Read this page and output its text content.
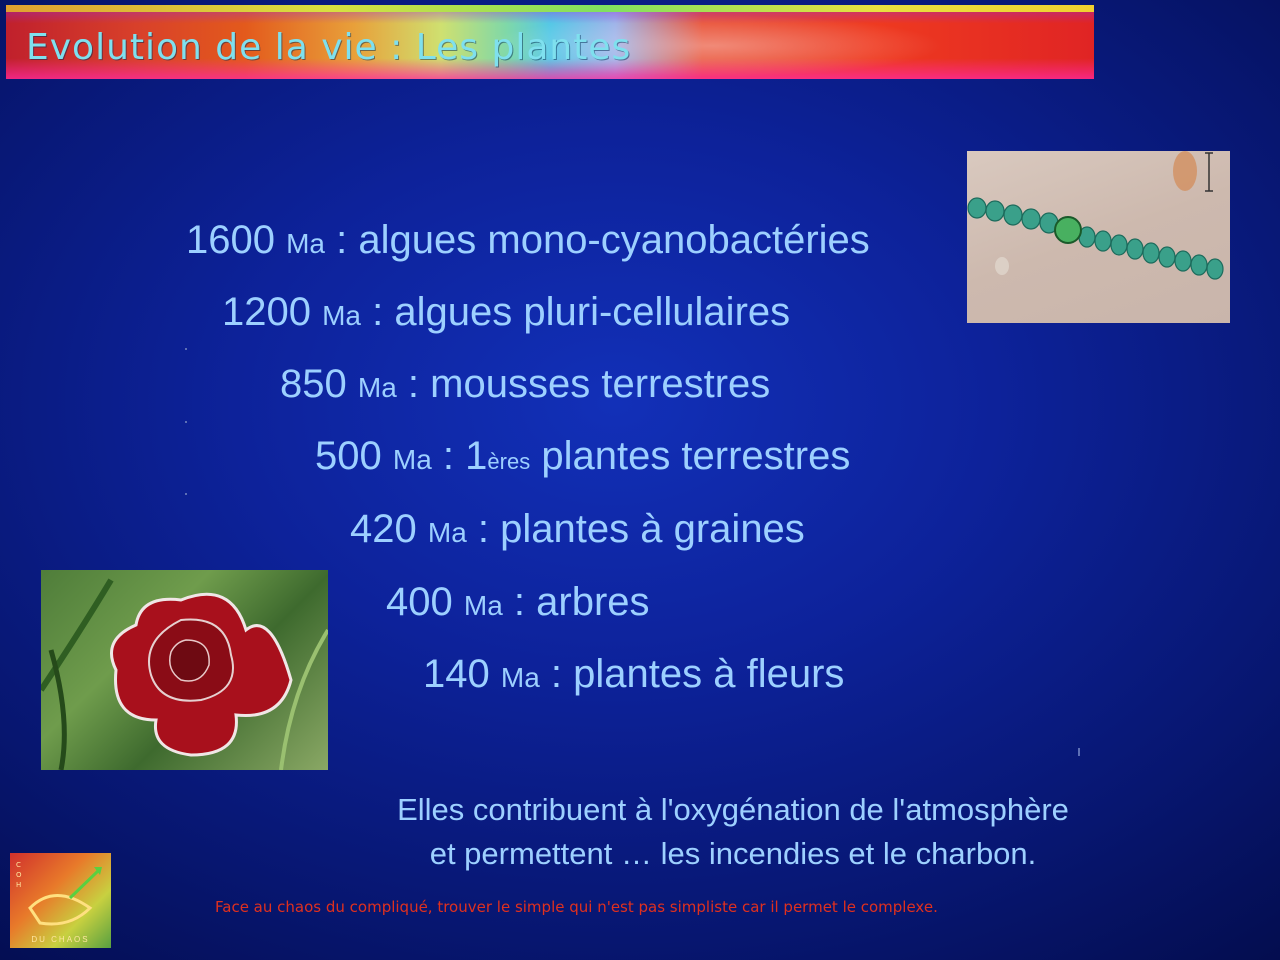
Evolution de la vie : Les plantes

1600 Ma : algues mono-cyanobactéries

1200 Ma : algues pluri-cellulaires

850 Ma : mousses terrestres

500 Ma : 1ères plantes terrestres

420 Ma : plantes à graines

400 Ma : arbres

140 Ma : plantes à fleurs

01.89.02 1600x

Elles contribuent à l'oxygénation de l'atmosphère

et permettent … les incendies et le charbon.

Face au chaos du compliqué, trouver le simple qui n'est pas simpliste car il permet le complexe.

C
O
H
DU CHAOS
